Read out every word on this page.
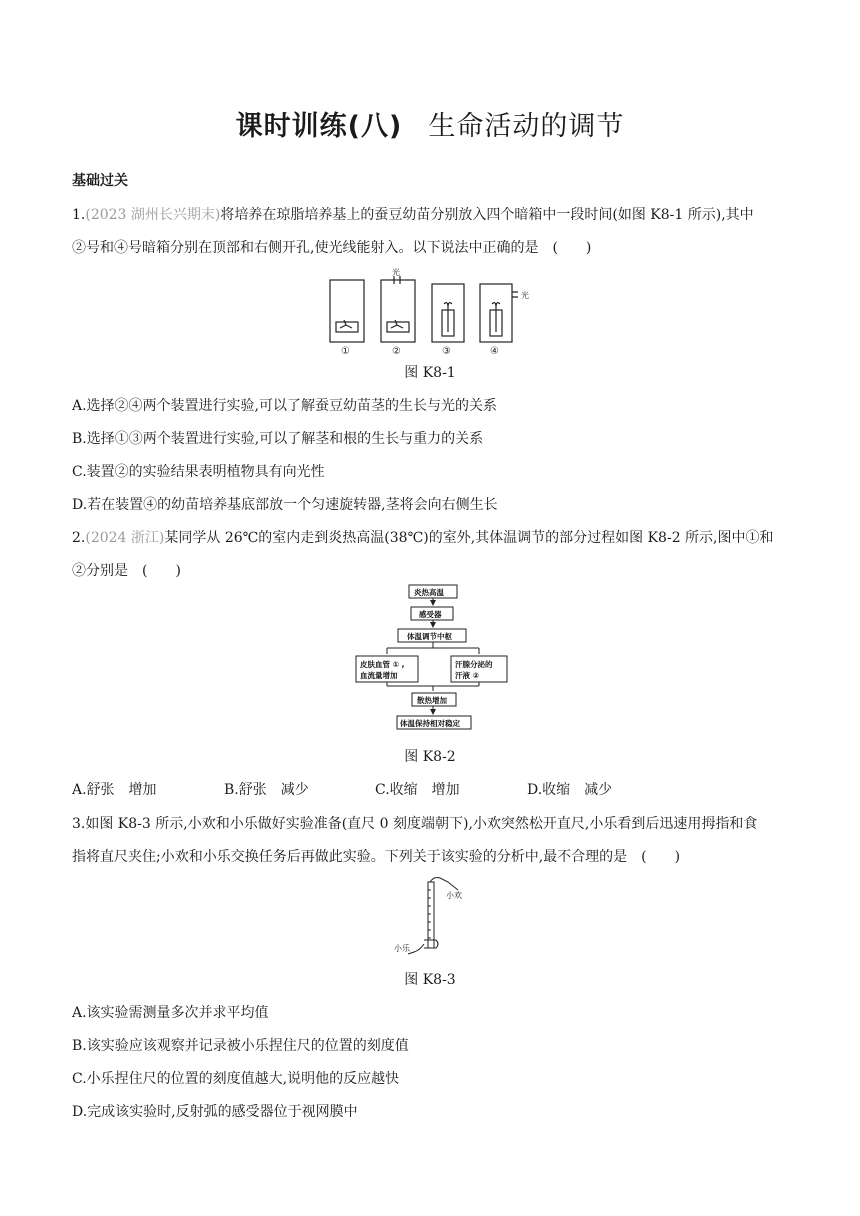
课时训练(八) 生命活动的调节
基础过关
1.(2023 湖州长兴期末)将培养在琼脂培养基上的蚕豆幼苗分别放入四个暗箱中一段时间(如图 K8-1 所示),其中
②号和④号暗箱分别在顶部和右侧开孔,使光线能射入。以下说法中正确的是　(　　)
光
光
①	②	③	④
图 K8-1
A.选择②④两个装置进行实验,可以了解蚕豆幼苗茎的生长与光的关系
B.选择①③两个装置进行实验,可以了解茎和根的生长与重力的关系
C.装置②的实验结果表明植物具有向光性
D.若在装置④的幼苗培养基底部放一个匀速旋转器,茎将会向右侧生长
2.(2024 浙江)某同学从 26℃的室内走到炎热高温(38℃)的室外,其体温调节的部分过程如图 K8-2 所示,图中①和
②分别是　(　　)
炎热高温
感受器
体温调节中枢
皮肤血管 ① ,
血流量增加
汗腺分泌的
汗液 ②
散热增加
体温保持相对稳定
图 K8-2
A.舒张　增加	B.舒张　减少	C.收缩　增加	D.收缩　减少
3.如图 K8-3 所示,小欢和小乐做好实验准备(直尺 0 刻度端朝下),小欢突然松开直尺,小乐看到后迅速用拇指和食
指将直尺夹住;小欢和小乐交换任务后再做此实验。下列关于该实验的分析中,最不合理的是　(　　)
小欢
小乐
图 K8-3
A.该实验需测量多次并求平均值
B.该实验应该观察并记录被小乐捏住尺的位置的刻度值
C.小乐捏住尺的位置的刻度值越大,说明他的反应越快
D.完成该实验时,反射弧的感受器位于视网膜中
